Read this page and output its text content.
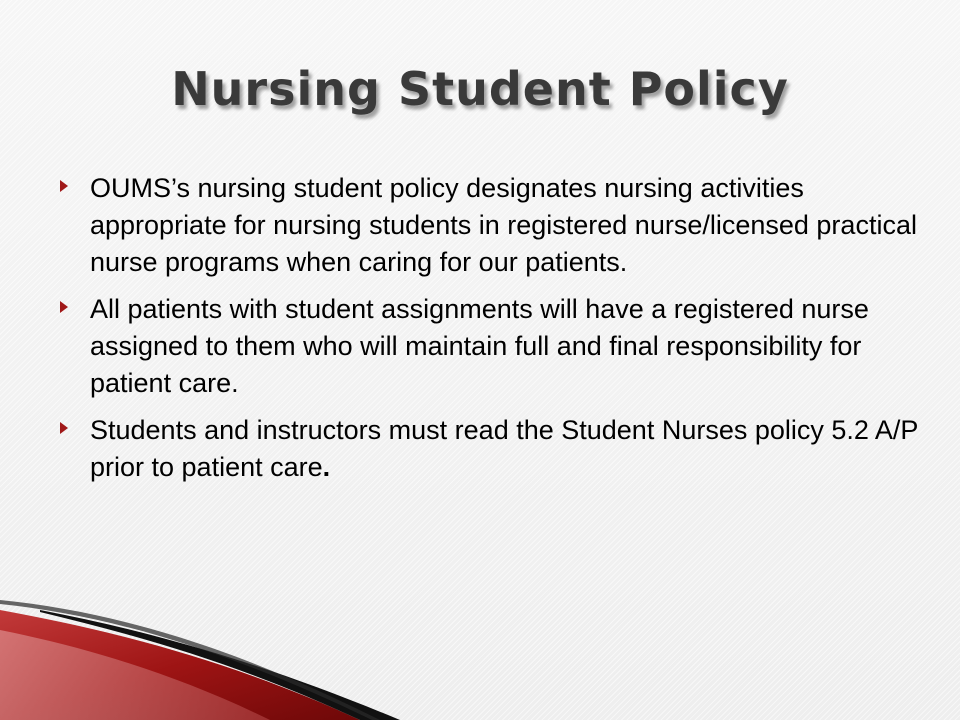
Nursing Student Policy
OUMS’s nursing student policy designates nursing activities appropriate for nursing students in registered nurse/licensed practical nurse programs when caring for our patients.
All patients with student assignments will have a registered nurse assigned to them who will maintain full and final responsibility for patient care.
Students and instructors must read the Student Nurses policy 5.2 A/P prior to patient care.
